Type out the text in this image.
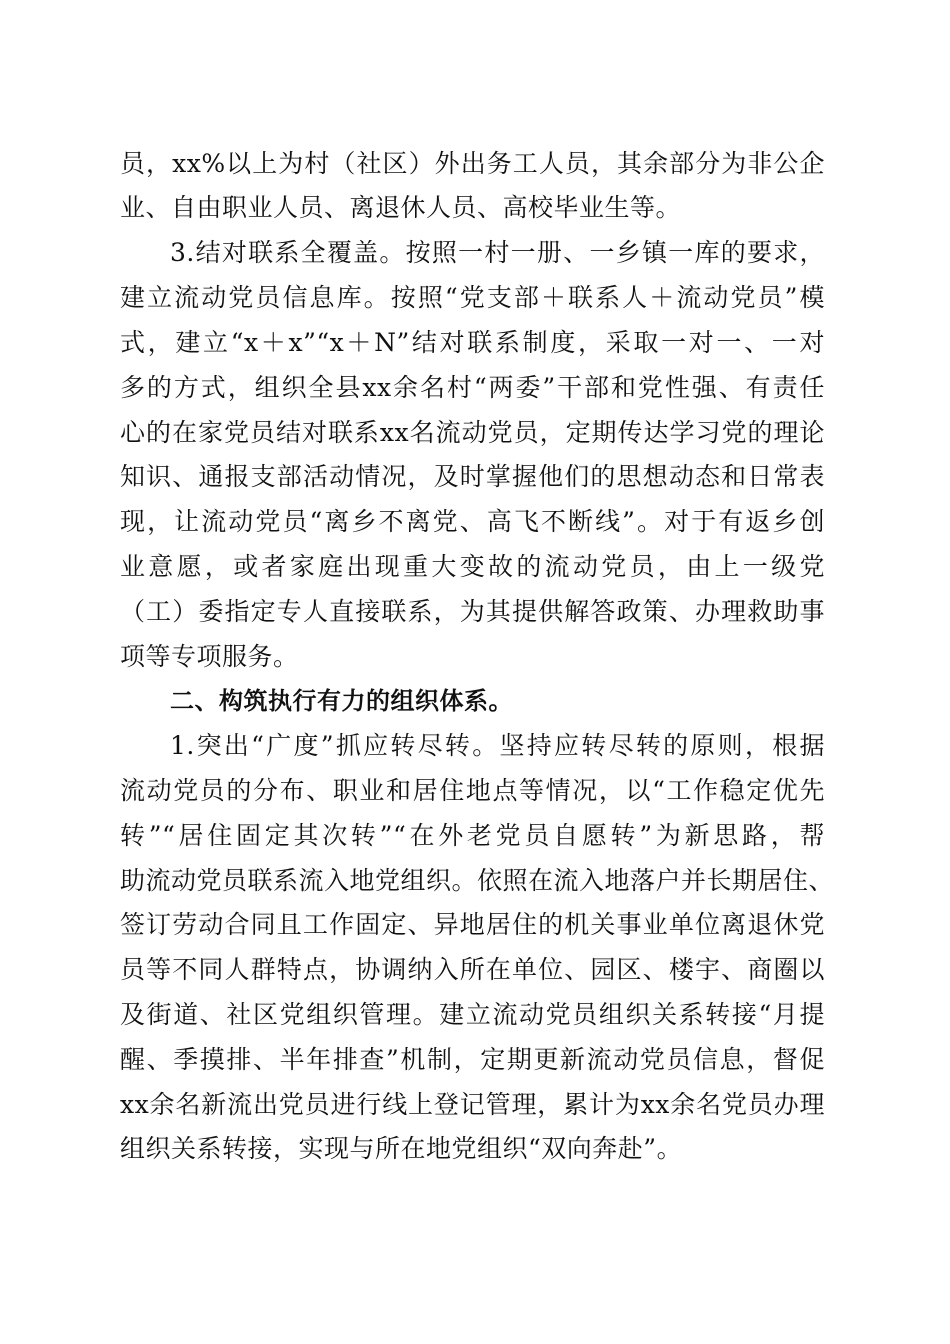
员，xx%以上为村（社区）外出务工人员，其余部分为非公企
业、自由职业人员、离退休人员、高校毕业生等。
3.结对联系全覆盖。按照一村一册、一乡镇一库的要求，
建立流动党员信息库。按照“党支部＋联系人＋流动党员”模
式，建立“x＋x”“x＋N”结对联系制度，采取一对一、一对
多的方式，组织全县xx余名村“两委”干部和党性强、有责任
心的在家党员结对联系xx名流动党员，定期传达学习党的理论
知识、通报支部活动情况，及时掌握他们的思想动态和日常表
现，让流动党员“离乡不离党、高飞不断线”。对于有返乡创
业意愿，或者家庭出现重大变故的流动党员，由上一级党
（工）委指定专人直接联系，为其提供解答政策、办理救助事
项等专项服务。
二、构筑执行有力的组织体系。
1.突出“广度”抓应转尽转。坚持应转尽转的原则，根据
流动党员的分布、职业和居住地点等情况，以“工作稳定优先
转”“居住固定其次转”“在外老党员自愿转”为新思路，帮
助流动党员联系流入地党组织。依照在流入地落户并长期居住、
签订劳动合同且工作固定、异地居住的机关事业单位离退休党
员等不同人群特点，协调纳入所在单位、园区、楼宇、商圈以
及街道、社区党组织管理。建立流动党员组织关系转接“月提
醒、季摸排、半年排查”机制，定期更新流动党员信息，督促
xx余名新流出党员进行线上登记管理，累计为xx余名党员办理
组织关系转接，实现与所在地党组织“双向奔赴”。
